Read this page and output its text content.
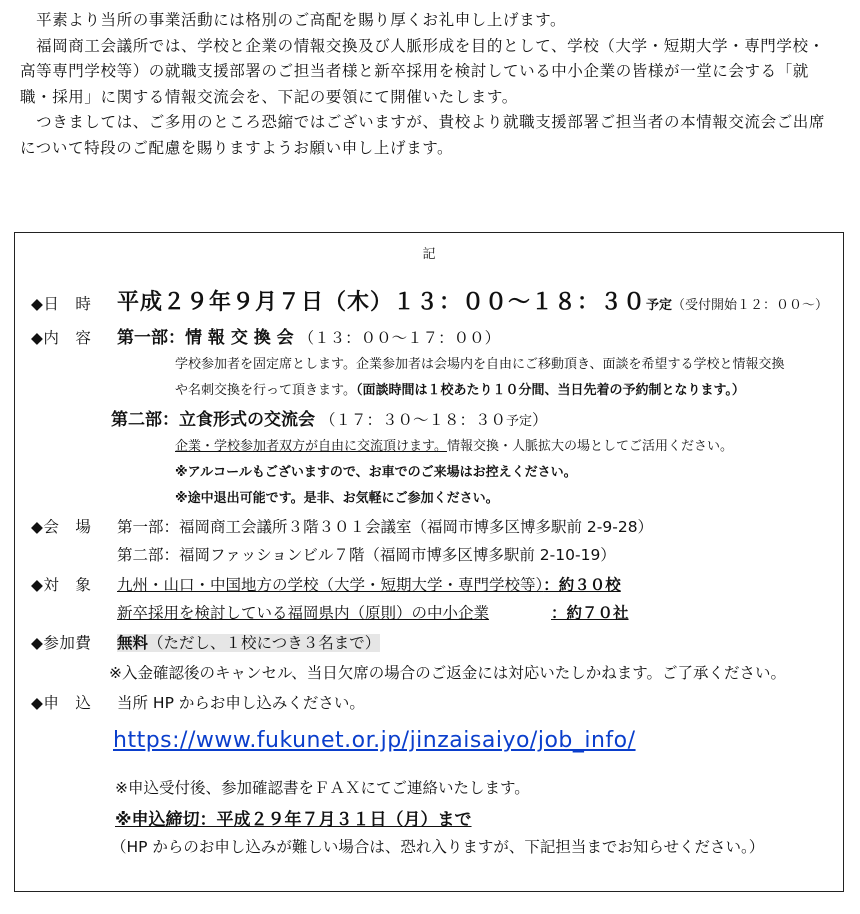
　平素より当所の事業活動には格別のご高配を賜り厚くお礼申し上げます。

　福岡商工会議所では、学校と企業の情報交換及び人脈形成を目的として、学校（大学・短期大学・専門学校・高等専門学校等）の就職支援部署のご担当者様と新卒採用を検討している中小企業の皆様が一堂に会する「就職・採用」に関する情報交流会を、下記の要領にて開催いたします。

　つきましては、ご多用のところ恐縮ではございますが、貴校より就職支援部署ご担当者の本情報交流会ご出席について特段のご配慮を賜りますようお願い申し上げます。

記
◆日　時 平成２９年９月７日（木）１３：００～１８：３０予定（受付開始１２：００～）
◆内　容 第一部：情 報 交 換 会 （１３：００～１７：００）
学校参加者を固定席とします。企業参加者は会場内を自由にご移動頂き、面談を希望する学校と情報交換
や名刺交換を行って頂きます。（面談時間は１校あたり１０分間、当日先着の予約制となります。）
第二部：立食形式の交流会 （１７：３０～１８：３０予定）
企業・学校参加者双方が自由に交流頂けます。情報交換・人脈拡大の場としてご活用ください。
※アルコールもございますので、お車でのご来場はお控えください。
※途中退出可能です。是非、お気軽にご参加ください。
◆会　場 第一部：福岡商工会議所３階３０１会議室（福岡市博多区博多駅前 2-9-28）
第二部：福岡ファッションビル７階（福岡市博多区博多駅前 2-10-19）
◆対　象 九州・山口・中国地方の学校（大学・短期大学・専門学校等）：約３０校
新卒採用を検討している福岡県内（原則）の中小企業	：約７０社
◆参加費 無料（ただし、１校につき３名まで）
※入金確認後のキャンセル、当日欠席の場合のご返金には対応いたしかねます。ご了承ください。
◆申　込 当所 HP からお申し込みください。
https://www.fukunet.or.jp/jinzaisaiyo/job_info/
※申込受付後、参加確認書をＦＡＸにてご連絡いたします。
※申込締切：平成２９年７月３１日（月）まで
（HP からのお申し込みが難しい場合は、恐れ入りますが、下記担当までお知らせください。）
